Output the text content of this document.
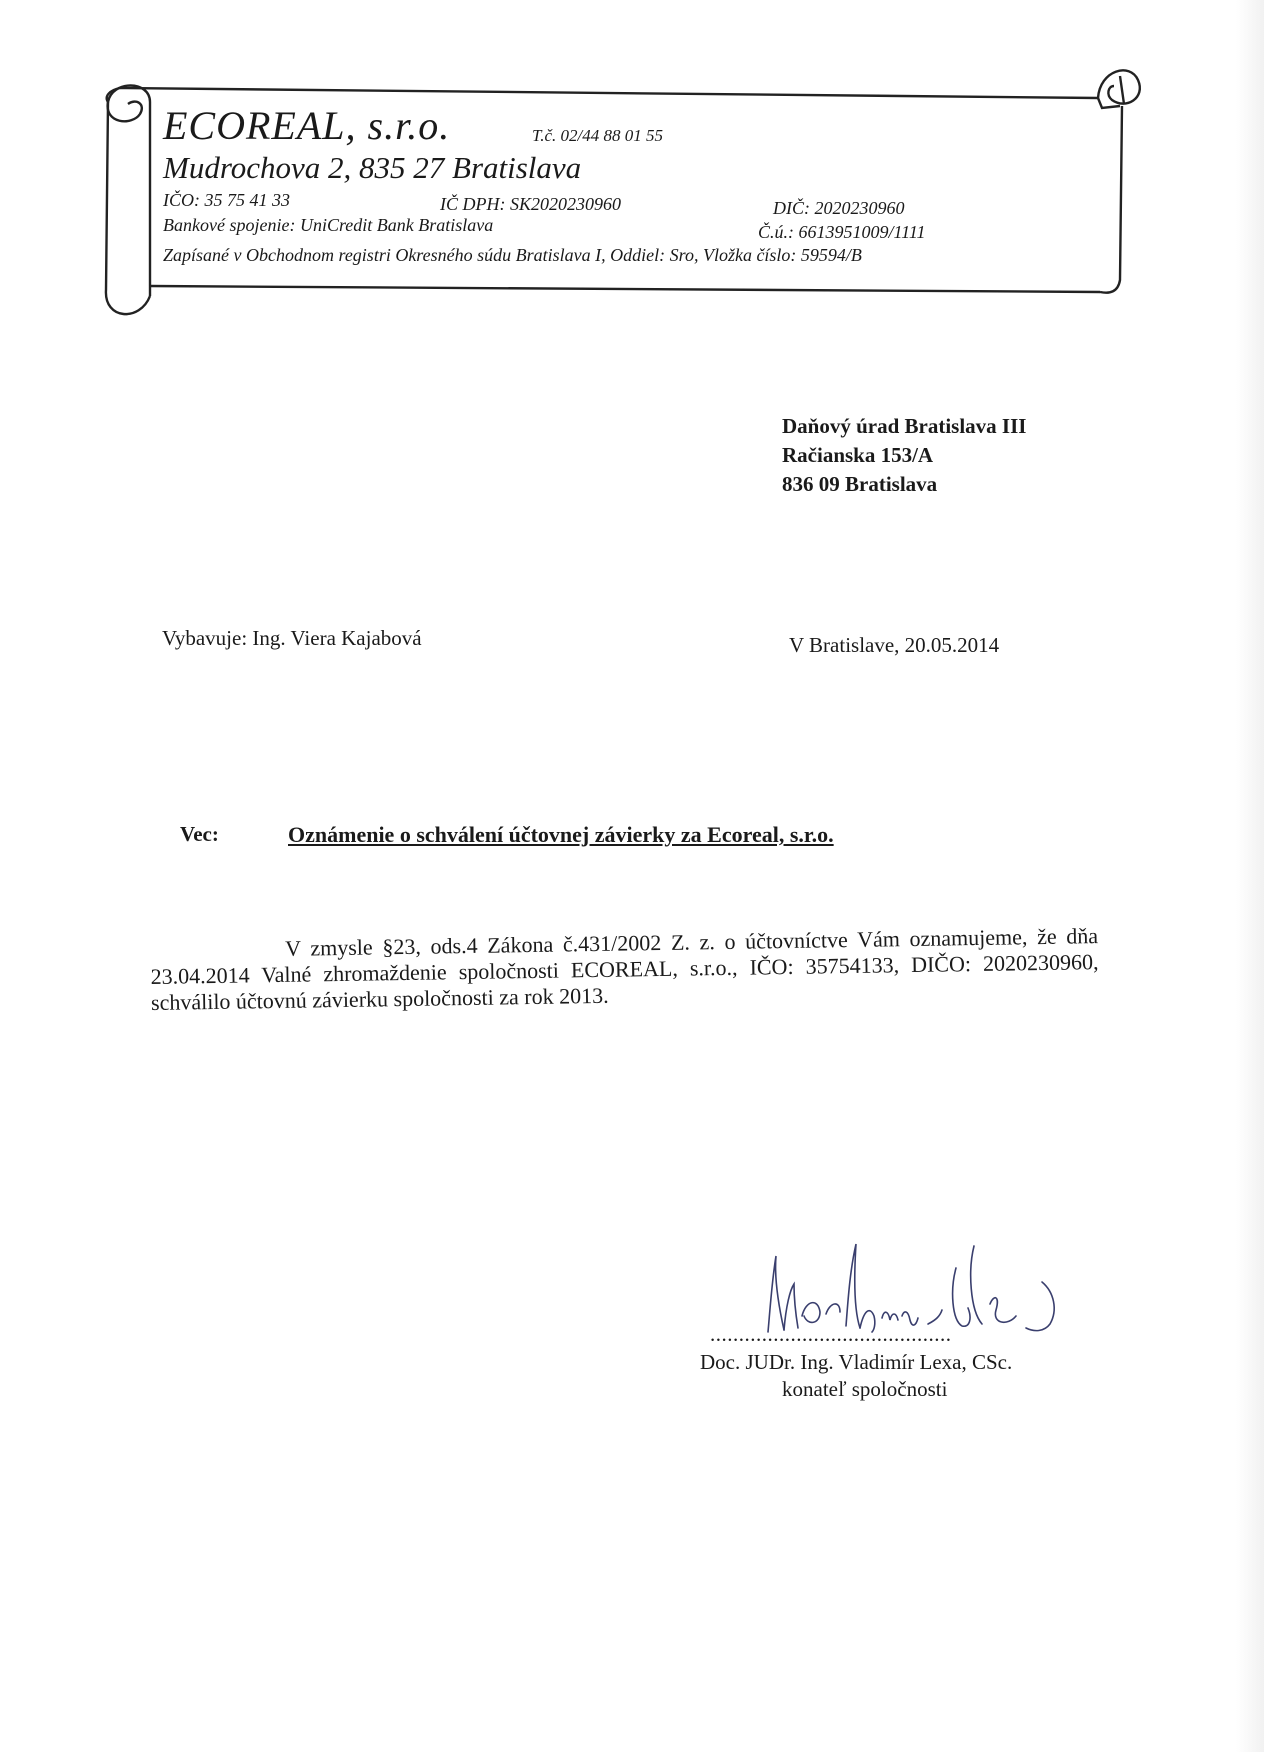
ECOREAL, s.r.o.	T.č. 02/44 88 01 55
Mudrochova 2, 835 27 Bratislava
IČO: 35 75 41 33	IČ DPH: SK2020230960	DIČ: 2020230960
Bankové spojenie: UniCredit Bank Bratislava	Č.ú.: 6613951009/1111
Zapísané v Obchodnom registri Okresného súdu Bratislava I, Oddiel: Sro, Vložka číslo: 59594/B
Daňový úrad Bratislava III
Račianska 153/A
836 09 Bratislava
Vybavuje: Ing. Viera Kajabová	V Bratislave, 20.05.2014
Vec:	Oznámenie o schválení účtovnej závierky za Ecoreal, s.r.o.

V zmysle §23, ods.4 Zákona č.431/2002 Z. z. o účtovníctve Vám oznamujeme, že dňa 23.04.2014 Valné zhromaždenie spoločnosti ECOREAL, s.r.o., IČO: 35754133, DIČO: 2020230960, schválilo účtovnú závierku spoločnosti za rok 2013.

..........................................
Doc. JUDr. Ing. Vladimír Lexa, CSc.
konateľ spoločnosti
